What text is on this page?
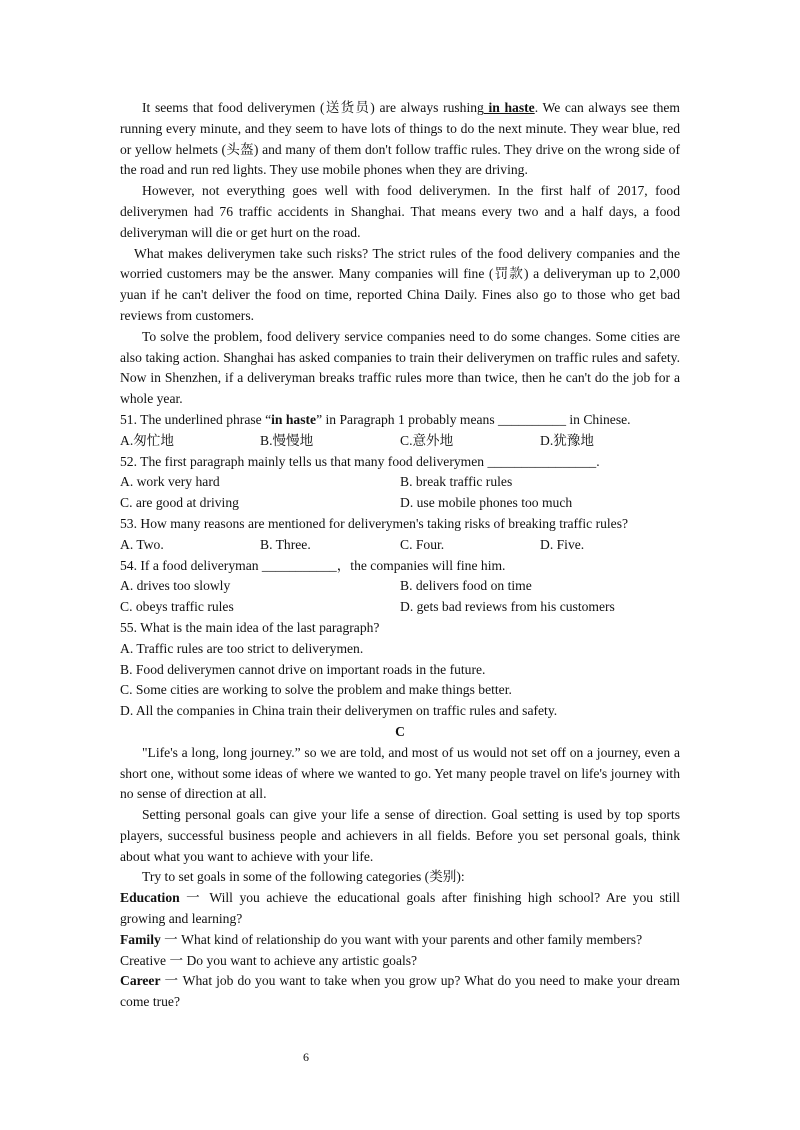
It seems that food deliverymen (送货员) are always rushing in haste. We can always see them running every minute, and they seem to have lots of things to do the next minute. They wear blue, red or yellow helmets (头盔) and many of them don't follow traffic rules. They drive on the wrong side of the road and run red lights. They use mobile phones when they are driving.

However, not everything goes well with food deliverymen. In the first half of 2017, food deliverymen had 76 traffic accidents in Shanghai. That means every two and a half days, a food deliveryman will die or get hurt on the road.

What makes deliverymen take such risks? The strict rules of the food delivery companies and the worried customers may be the answer. Many companies will fine (罚款) a deliveryman up to 2,000 yuan if he can't deliver the food on time, reported China Daily. Fines also go to those who get bad reviews from customers.

To solve the problem, food delivery service companies need to do some changes. Some cities are also taking action. Shanghai has asked companies to train their deliverymen on traffic rules and safety. Now in Shenzhen, if a deliveryman breaks traffic rules more than twice, then he can't do the job for a whole year.

51. The underlined phrase “in haste” in Paragraph 1 probably means __________ in Chinese.

A.匆忙地	B.慢慢地	C.意外地	D.犹豫地

52. The first paragraph mainly tells us that many food deliverymen ________________.

A. work very hard	B. break traffic rules
C. are good at driving	D. use mobile phones too much

53. How many reasons are mentioned for deliverymen's taking risks of breaking traffic rules?

A. Two.	B. Three.	C. Four.	D. Five.

54. If a food deliveryman ___________，the companies will fine him.

A. drives too slowly	B. delivers food on time
C. obeys traffic rules	D. gets bad reviews from his customers

55. What is the main idea of the last paragraph?

A. Traffic rules are too strict to deliverymen.

B. Food deliverymen cannot drive on important roads in the future.

C. Some cities are working to solve the problem and make things better.

D. All the companies in China train their deliverymen on traffic rules and safety.

C

"Life's a long, long journey.” so we are told, and most of us would not set off on a journey, even a short one, without some ideas of where we wanted to go. Yet many people travel on life's journey with no sense of direction at all.

Setting personal goals can give your life a sense of direction. Goal setting is used by top sports players, successful business people and achievers in all fields. Before you set personal goals, think about what you want to achieve with your life.

Try to set goals in some of the following categories (类别):

Education 一 Will you achieve the educational goals after finishing high school? Are you still growing and learning?

Family 一 What kind of relationship do you want with your parents and other family members?

Creative 一 Do you want to achieve any artistic goals?

Career 一 What job do you want to take when you grow up? What do you need to make your dream come true?

6
